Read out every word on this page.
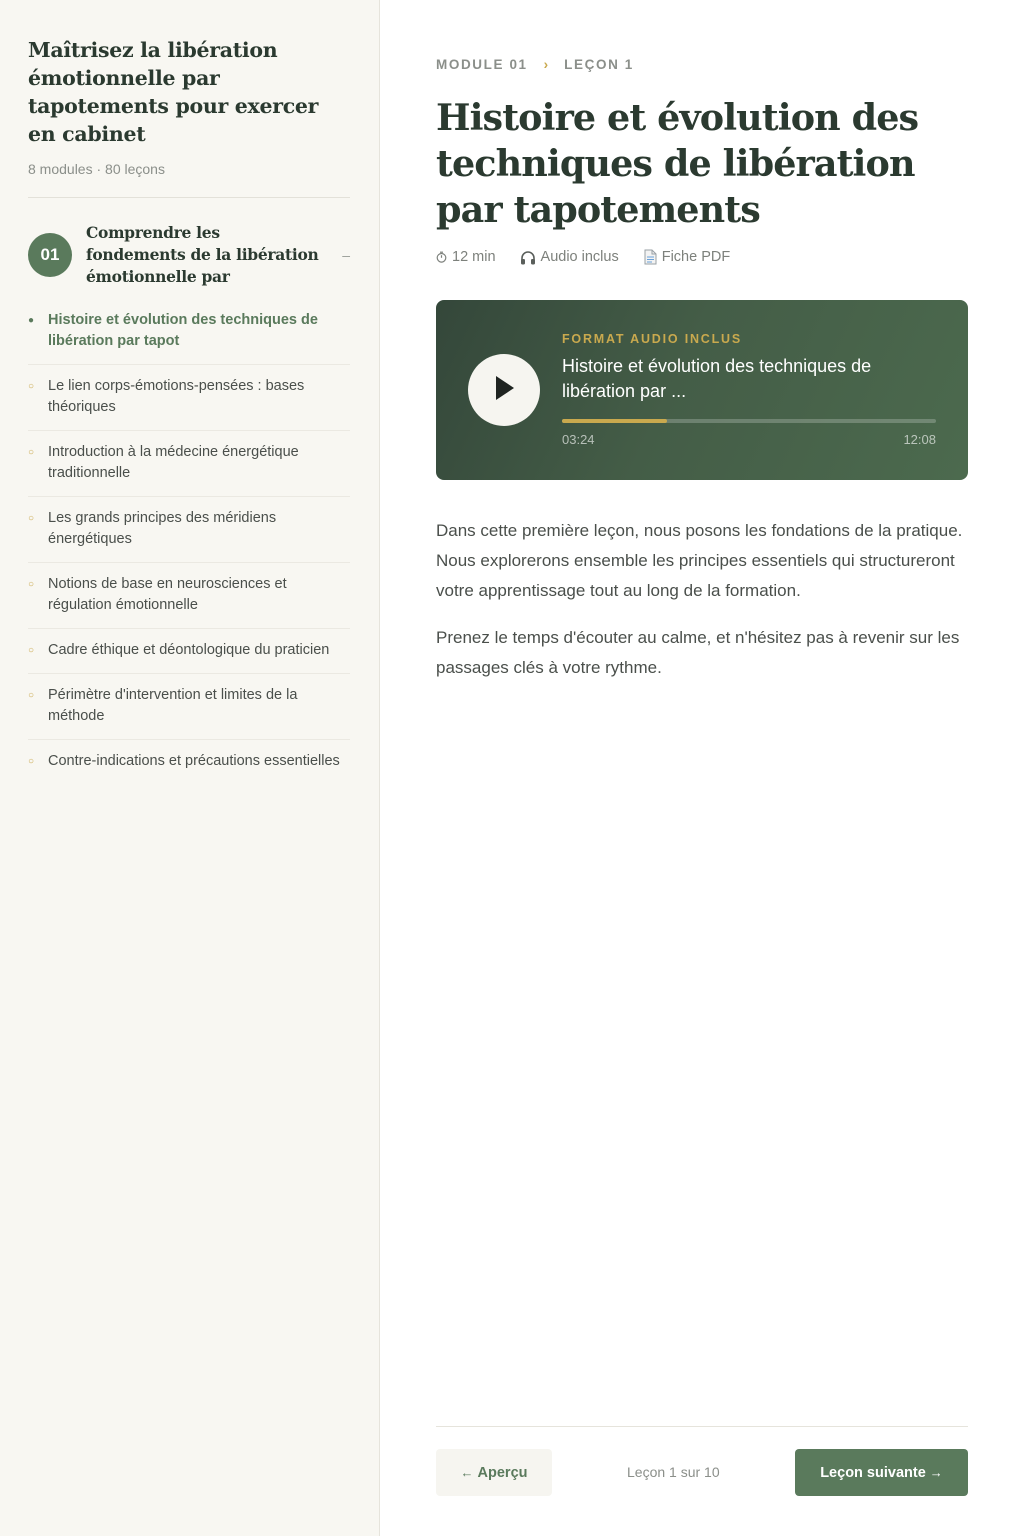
Maîtrisez la libération émotionnelle par tapotements pour exercer en cabinet
8 modules · 80 leçons
01
Comprendre les fondements de la libération émotionnelle par
–
● Histoire et évolution des techniques de libération par tapot
○ Le lien corps-émotions-pensées : bases théoriques
○ Introduction à la médecine énergétique traditionnelle
○ Les grands principes des méridiens énergétiques
○ Notions de base en neurosciences et régulation émotionnelle
○ Cadre éthique et déontologique du praticien
○ Périmètre d'intervention et limites de la méthode
○ Contre-indications et précautions essentielles
MODULE 01 › LEÇON 1
Histoire et évolution des techniques de libération par tapotements
12 min	Audio inclus	Fiche PDF
FORMAT AUDIO INCLUS
Histoire et évolution des techniques de libération par ...
03:24	12:08

Dans cette première leçon, nous posons les fondations de la pratique. Nous explorerons ensemble les principes essentiels qui structureront votre apprentissage tout au long de la formation.

Prenez le temps d'écouter au calme, et n'hésitez pas à revenir sur les passages clés à votre rythme.

←
Aperçu	Leçon 1 sur 10	Leçon suivante
→
